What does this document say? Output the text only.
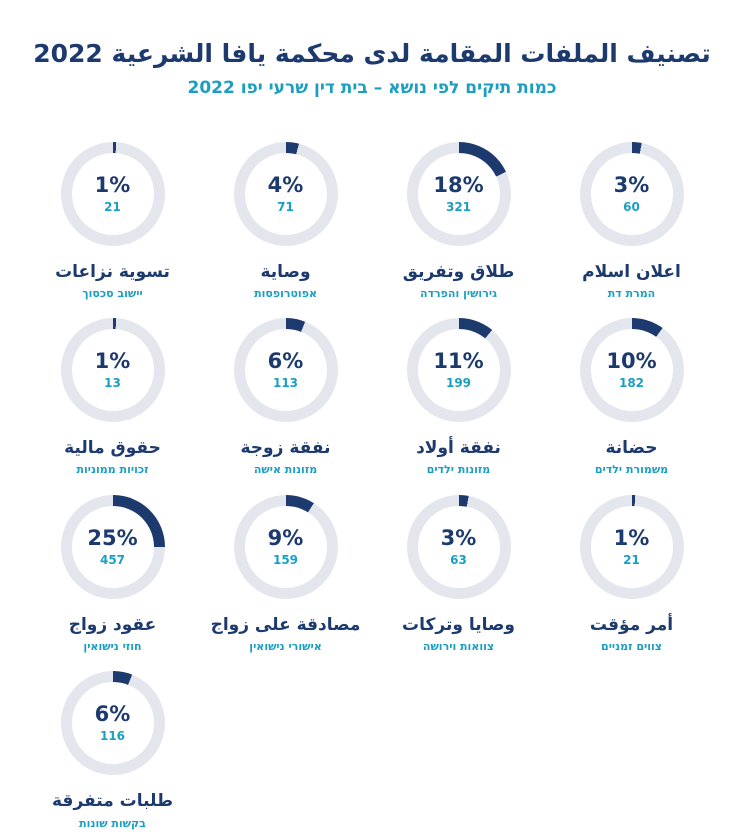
تصنيف الملفات المقامة لدى محكمة يافا الشرعية 2022
כמות תיקים לפי נושא – בית דין שרעי יפו 2022
3%
60
اعلان اسلام
המרת דת
18%
321
طلاق وتفريق
גירושין והפרדה
4%
71
وصاية
אפוטרופסות
1%
21
تسوية نزاعات
יישוב סכסוך
10%
182
حضانة
משמורת ילדים
11%
199
نفقة أولاد
מזונות ילדים
6%
113
نفقة زوجة
מזונות אישה
1%
13
حقوق مالية
זכויות ממוניות
1%
21
أمر مؤقت
צווים זמניים
3%
63
وصايا وتركات
צוואות וירושה
9%
159
مصادقة على زواج
אישורי נישואין
25%
457
عقود زواج
חוזי נישואין
6%
116
طلبات متفرقة
בקשות שונות
